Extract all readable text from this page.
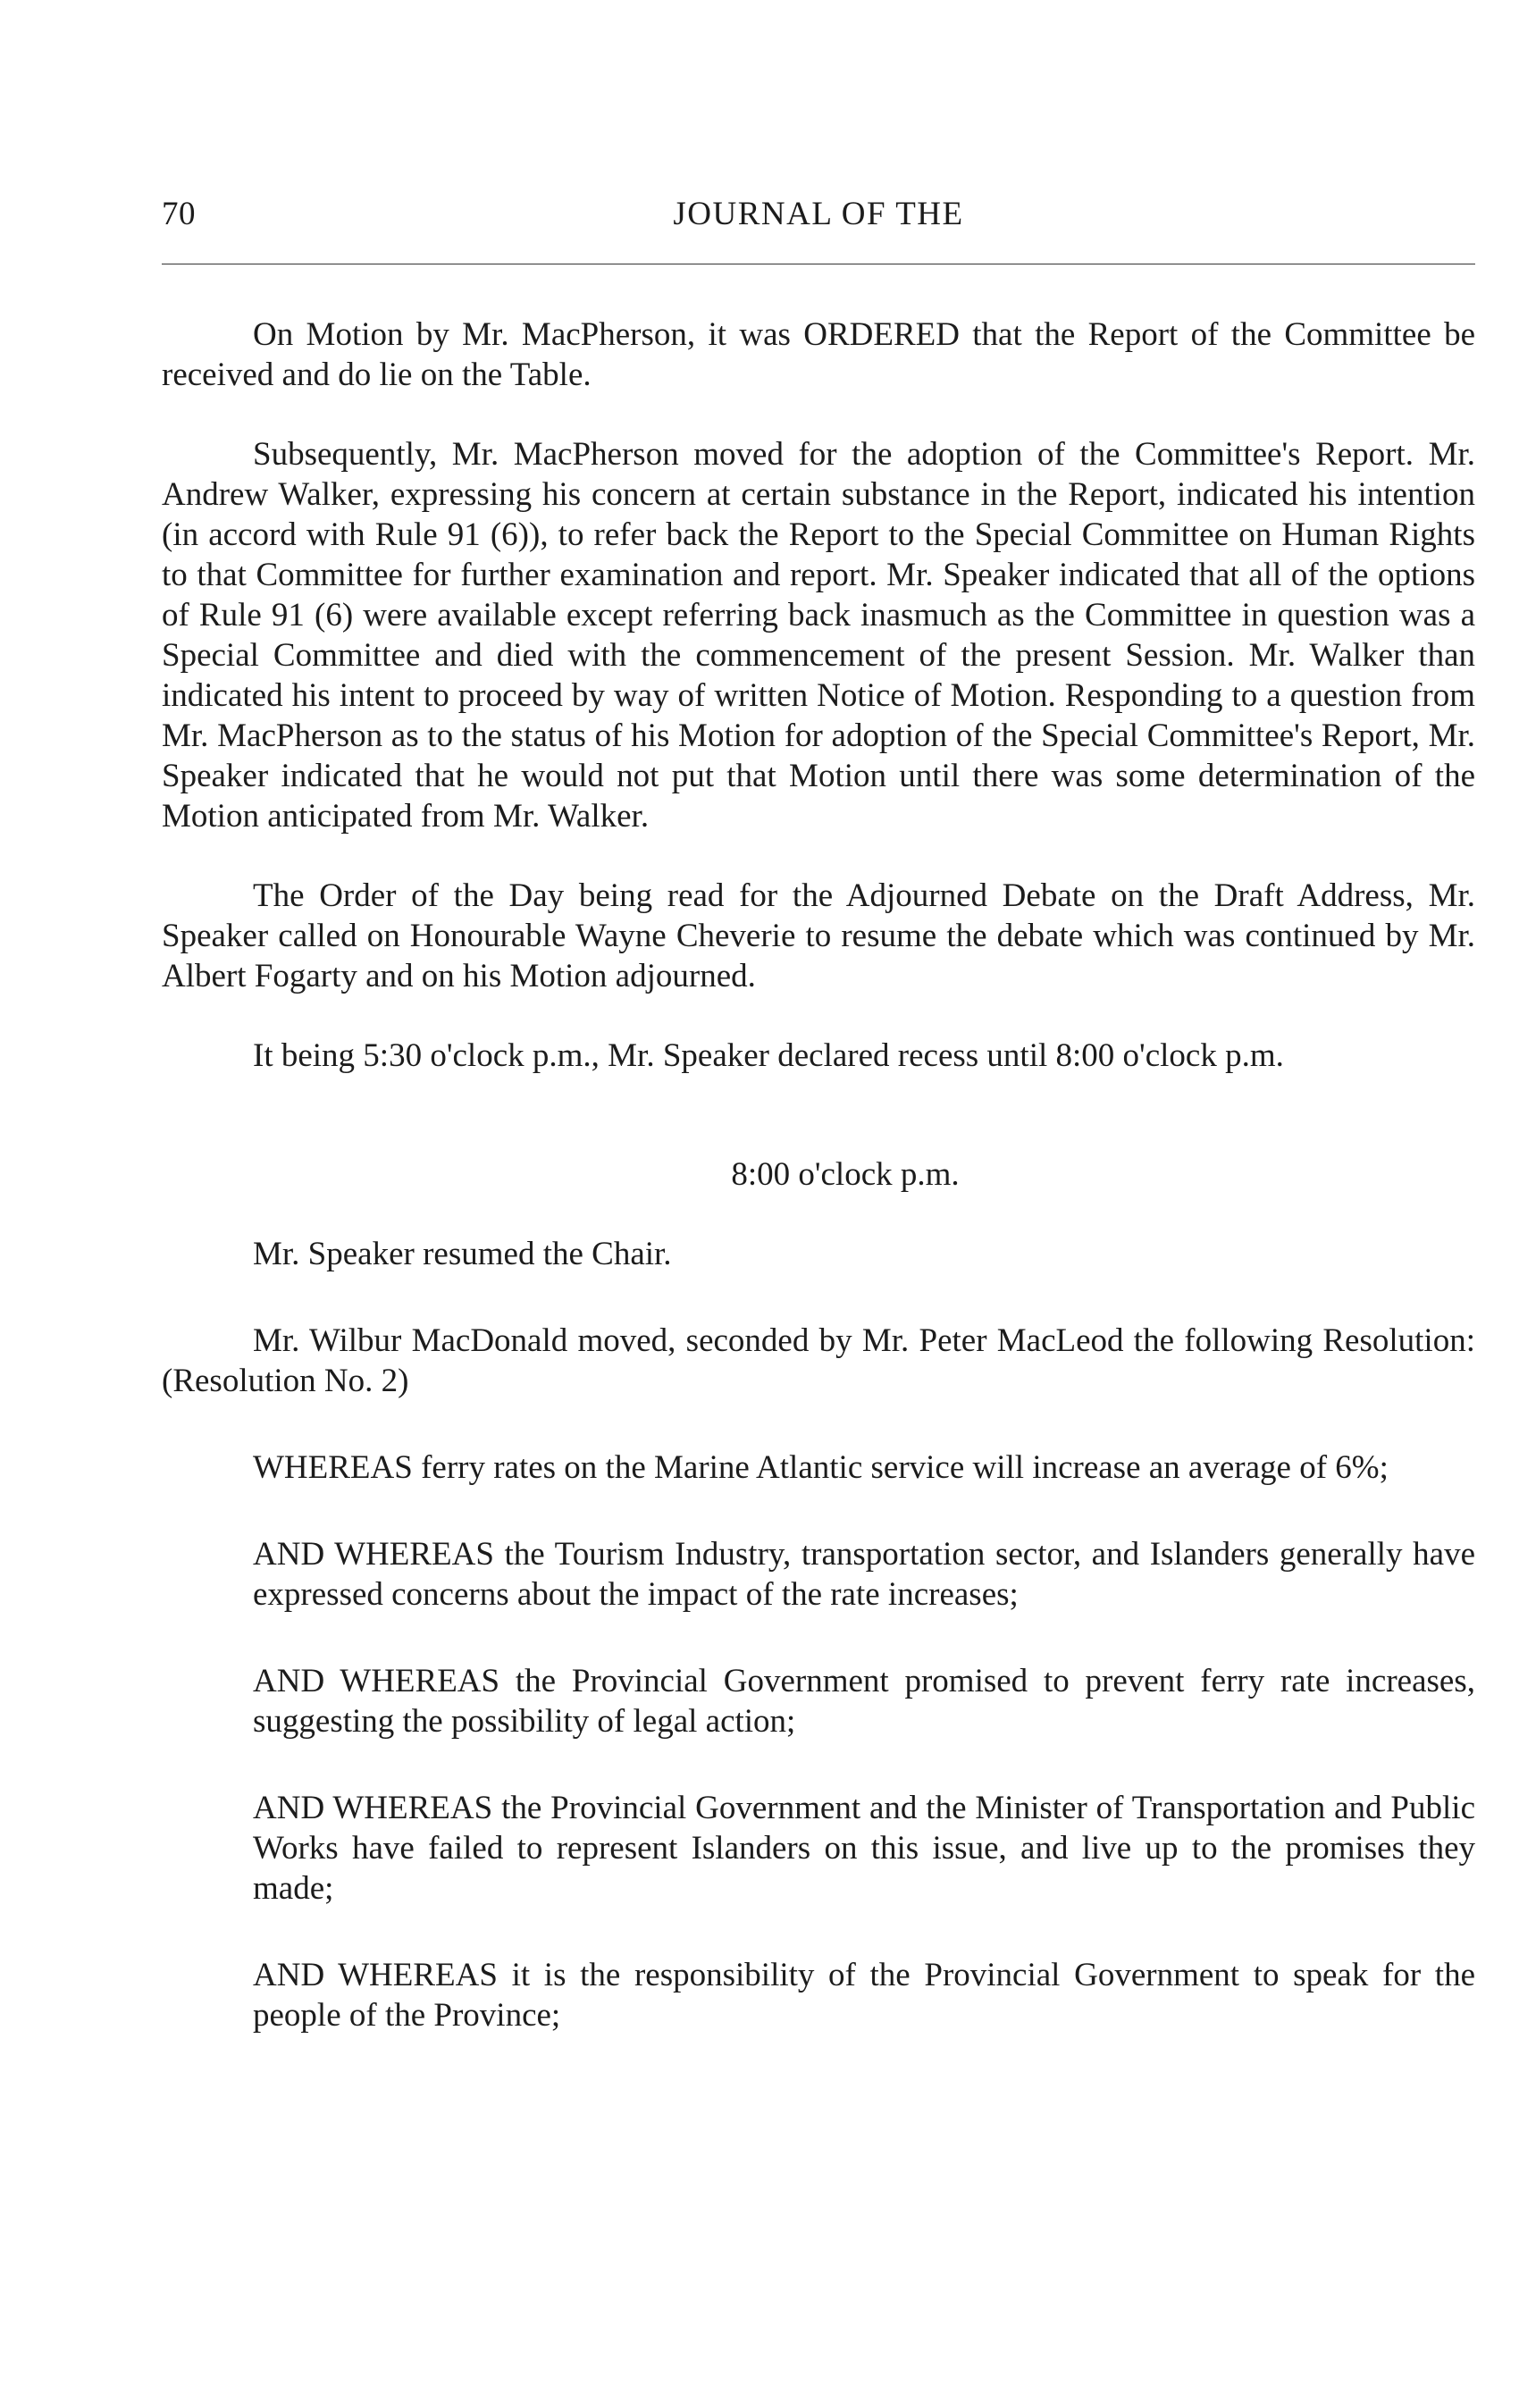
70	JOURNAL OF THE

On Motion by Mr. MacPherson, it was ORDERED that the Report of the Committee be received and do lie on the Table.

Subsequently, Mr. MacPherson moved for the adoption of the Committee's Report. Mr. Andrew Walker, expressing his concern at certain substance in the Report, indicated his intention (in accord with Rule 91 (6)), to refer back the Report to the Special Committee on Human Rights to that Committee for further examination and report. Mr. Speaker indicated that all of the options of Rule 91 (6) were available except referring back inasmuch as the Committee in question was a Special Committee and died with the commencement of the present Session. Mr. Walker than indicated his intent to proceed by way of written Notice of Motion. Responding to a question from Mr. MacPherson as to the status of his Motion for adoption of the Special Committee's Report, Mr. Speaker indicated that he would not put that Motion until there was some determination of the Motion anticipated from Mr. Walker.

The Order of the Day being read for the Adjourned Debate on the Draft Address, Mr. Speaker called on Honourable Wayne Cheverie to resume the debate which was continued by Mr. Albert Fogarty and on his Motion adjourned.

It being 5:30 o'clock p.m., Mr. Speaker declared recess until 8:00 o'clock p.m.

8:00 o'clock p.m.

Mr. Speaker resumed the Chair.

Mr. Wilbur MacDonald moved, seconded by Mr. Peter MacLeod the following Resolution: (Resolution No. 2)

WHEREAS ferry rates on the Marine Atlantic service will increase an average of 6%;

AND WHEREAS the Tourism Industry, transportation sector, and Islanders generally have expressed concerns about the impact of the rate increases;

AND WHEREAS the Provincial Government promised to prevent ferry rate increases, suggesting the possibility of legal action;

AND WHEREAS the Provincial Government and the Minister of Transportation and Public Works have failed to represent Islanders on this issue, and live up to the promises they made;

AND WHEREAS it is the responsibility of the Provincial Government to speak for the people of the Province;
